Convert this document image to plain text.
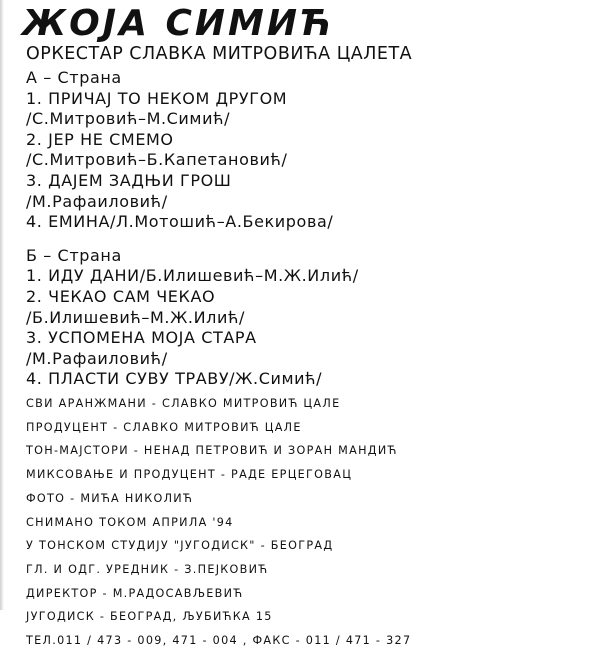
ЖОЈА СИМИЋ
ОРКЕСТАР СЛАВКА МИТРОВИЋА ЦАЛЕТА
А – Страна
1. ПРИЧАЈ ТО НЕКОМ ДРУГОМ
/С.Митровић–М.Симић/
2. ЈЕР НЕ СМЕМО
/С.Митровић–Б.Капетановић/
3. ДАЈЕМ ЗАДЊИ ГРОШ
/М.Рафаиловић/
4. ЕМИНА/Л.Мотошић–А.Бекирова/
Б – Страна
1. ИДУ ДАНИ/Б.Илишевић–М.Ж.Илић/
2. ЧЕКАО САМ ЧЕКАО
/Б.Илишевић–М.Ж.Илић/
3. УСПОМЕНА МОЈА СТАРА
/М.Рафаиловић/
4. ПЛАСТИ СУВУ ТРАВУ/Ж.Симић/
СВИ АРАНЖМАНИ - СЛАВКО МИТРОВИЋ ЦАЛЕ
ПРОДУЦЕНТ - СЛАВКО МИТРОВИЋ ЦАЛЕ
ТОН-МАЈСТОРИ - НЕНАД ПЕТРОВИЋ И ЗОРАН МАНДИЋ
МИКСОВАЊЕ И ПРОДУЦЕНТ - РАДЕ ЕРЦЕГОВАЦ
ФОТО - МИЋА НИКОЛИЋ
СНИМАНО ТОКОМ АПРИЛА '94
У ТОНСКОМ СТУДИЈУ "ЈУГОДИСК" - БЕОГРАД
ГЛ. И ОДГ. УРЕДНИК - З.ПЕЈКОВИЋ
ДИРЕКТОР - М.РАДОСАВЉЕВИЋ
ЈУГОДИСК - БЕОГРАД, ЉУБИЋКА 15
ТЕЛ.011 / 473 - 009, 471 - 004 , ФАКС - 011 / 471 - 327
